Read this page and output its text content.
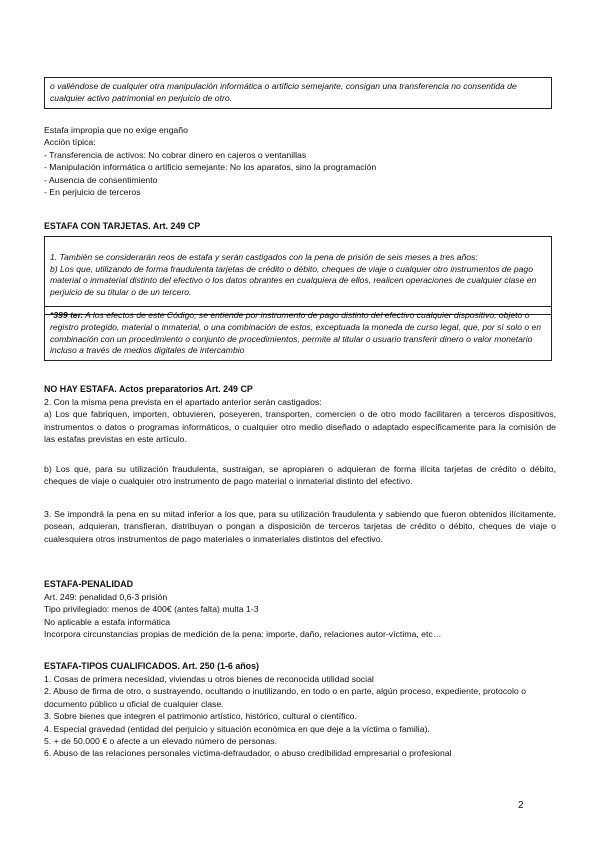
o valiéndose de cualquier otra manipulación informática o artificio semejante, consigan una transferencia no consentida de cualquier activo patrimonial en perjuicio de otro.

Estafa impropia que no exige engaño

Acción típica:

- Transferencia de activos: No cobrar dinero en cajeros o ventanillas

- Manipulación informática o artificio semejante: No los aparatos, sino la programación

- Ausencia de consentimiento

- En perjuicio de terceros

ESTAFA CON TARJETAS. Art. 249 CP

1. También se considerarán reos de estafa y serán castigados con la pena de prisión de seis meses a tres años:
b) Los que, utilizando de forma fraudulenta tarjetas de crédito o débito, cheques de viaje o cualquier otro instrumentos de pago material o inmaterial distinto del efectivo o los datos obrantes en cualquiera de ellos, realicen operaciones de cualquier clase en perjuicio de su titular o de un tercero.

*399 ter. A los efectos de este Código, se entiende por instrumento de pago distinto del efectivo cualquier dispositivo, objeto o registro protegido, material o inmaterial, o una combinación de estos, exceptuada la moneda de curso legal, que, por sí solo o en combinación con un procedimiento o conjunto de procedimientos, permite al titular o usuario transferir dinero o valor monetario incluso a través de medios digitales de intercambio

NO HAY ESTAFA. Actos preparatorios Art. 249 CP

2. Con la misma pena prevista en el apartado anterior serán castigados:

a) Los que fabriquen, importen, obtuvieren, poseyeren, transporten, comercien o de otro modo facilitaren a terceros dispositivos, instrumentos o datos o programas informáticos, o cualquier otro medio diseñado o adaptado específicamente para la comisión de las estafas previstas en este artículo.

b) Los que, para su utilización fraudulenta, sustraigan, se apropiaren o adquieran de forma ilícita tarjetas de crédito o débito, cheques de viaje o cualquier otro instrumento de pago material o inmaterial distinto del efectivo.

3. Se impondrá la pena en su mitad inferior a los que, para su utilización fraudulenta y sabiendo que fueron obtenidos ilícitamente, posean, adquieran, transfieran, distribuyan o pongan a disposición de terceros tarjetas de crédito o débito, cheques de viaje o cualesquiera otros instrumentos de pago materiales o inmateriales distintos del efectivo.

ESTAFA-PENALIDAD

Art. 249: penalidad 0,6-3 prisión

Tipo privilegiado: menos de 400€ (antes falta) multa 1-3

No aplicable a estafa informática

Incorpora circunstancias propias de medición de la pena: importe, daño, relaciones autor-víctima, etc…

ESTAFA-TIPOS CUALIFICADOS. Art. 250 (1-6 años)

1. Cosas de primera necesidad, viviendas u otros bienes de reconocida utilidad social

2. Abuso de firma de otro, o sustrayendo, ocultando o inutilizando, en todo o en parte, algún proceso, expediente, protocolo o documento público u oficial de cualquier clase.

3. Sobre bienes que integren el patrimonio artístico, histórico, cultural o científico.

4. Especial gravedad (entidad del perjuicio y situación económica en que deje a la víctima o familia).

5. + de 50.000 € o afecte a un elevado número de personas.

6. Abuso de las relaciones personales víctima-defraudador, o abuso credibilidad empresarial o profesional

2
